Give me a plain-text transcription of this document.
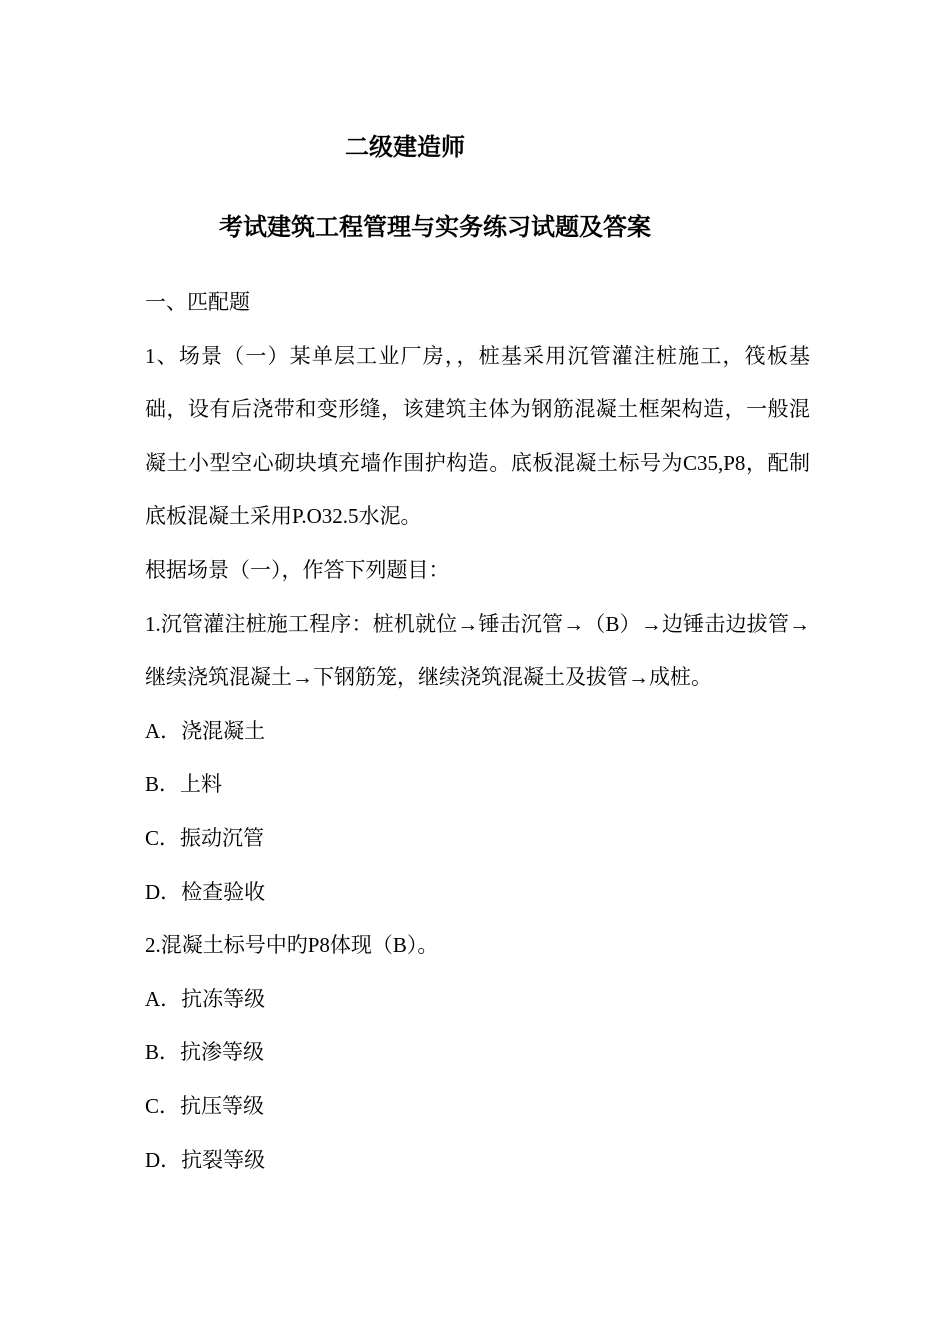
二级建造师
考试建筑工程管理与实务练习试题及答案

一、匹配题

1、场景（一）某单层工业厂房，，桩基采用沉管灌注桩施工，筏板基础，设有后浇带和变形缝，该建筑主体为钢筋混凝土框架构造，一般混凝土小型空心砌块填充墙作围护构造。底板混凝土标号为C35,P8，配制底板混凝土采用P.O32.5水泥。

根据场景（一），作答下列题目：

1.沉管灌注桩施工程序：桩机就位→锤击沉管→（B）→边锤击边拔管→继续浇筑混凝土→下钢筋笼，继续浇筑混凝土及拔管→成桩。

A．浇混凝土

B．上料

C．振动沉管

D．检查验收

2.混凝土标号中旳P8体现（B）。

A．抗冻等级

B．抗渗等级

C．抗压等级

D．抗裂等级
